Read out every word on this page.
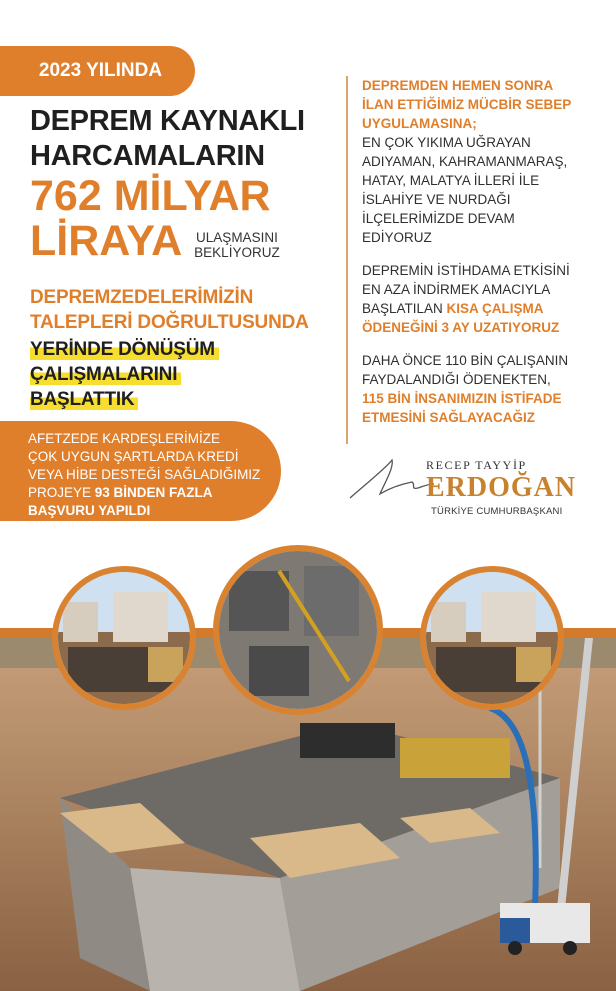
2023 YILINDA
DEPREM KAYNAKLI
HARCAMALARIN
762 MİLYAR
LİRAYA ULAŞMASINI
BEKLİYORUZ
DEPREMZEDELERİMİZİN
TALEPLERİ DOĞRULTUSUNDA
YERİNDE DÖNÜŞÜM
ÇALIŞMALARINI
BAŞLATTIK
AFETZEDE KARDEŞLERİMİZE
ÇOK UYGUN ŞARTLARDA KREDİ
VEYA HİBE DESTEĞİ SAĞLADIĞIMIZ
PROJEYE 93 BİNDEN FAZLA
BAŞVURU YAPILDI
DEPREMDEN HEMEN SONRA
İLAN ETTİĞİMİZ MÜCBİR SEBEP
UYGULAMASINA;
EN ÇOK YIKIMA UĞRAYAN
ADIYAMAN, KAHRAMANMARAŞ,
HATAY, MALATYA İLLERİ İLE
İSLAHİYE VE NURDAĞI
İLÇELERİMİZDE DEVAM
EDİYORUZ
DEPREMİN İSTİHDAMA ETKİSİNİ
EN AZA İNDİRMEK AMACIYLA
BAŞLATILAN KISA ÇALIŞMA
ÖDENEĞİNİ 3 AY UZATIYORUZ
DAHA ÖNCE 110 BİN ÇALIŞANIN
FAYDALANDIĞI ÖDENEKTEN,
115 BİN İNSANIMIZIN İSTİFADE
ETMESİNİ SAĞLAYACAĞIZ
RECEP TAYYİP
ERDOĞAN
TÜRKİYE CUMHURBAŞKANI
